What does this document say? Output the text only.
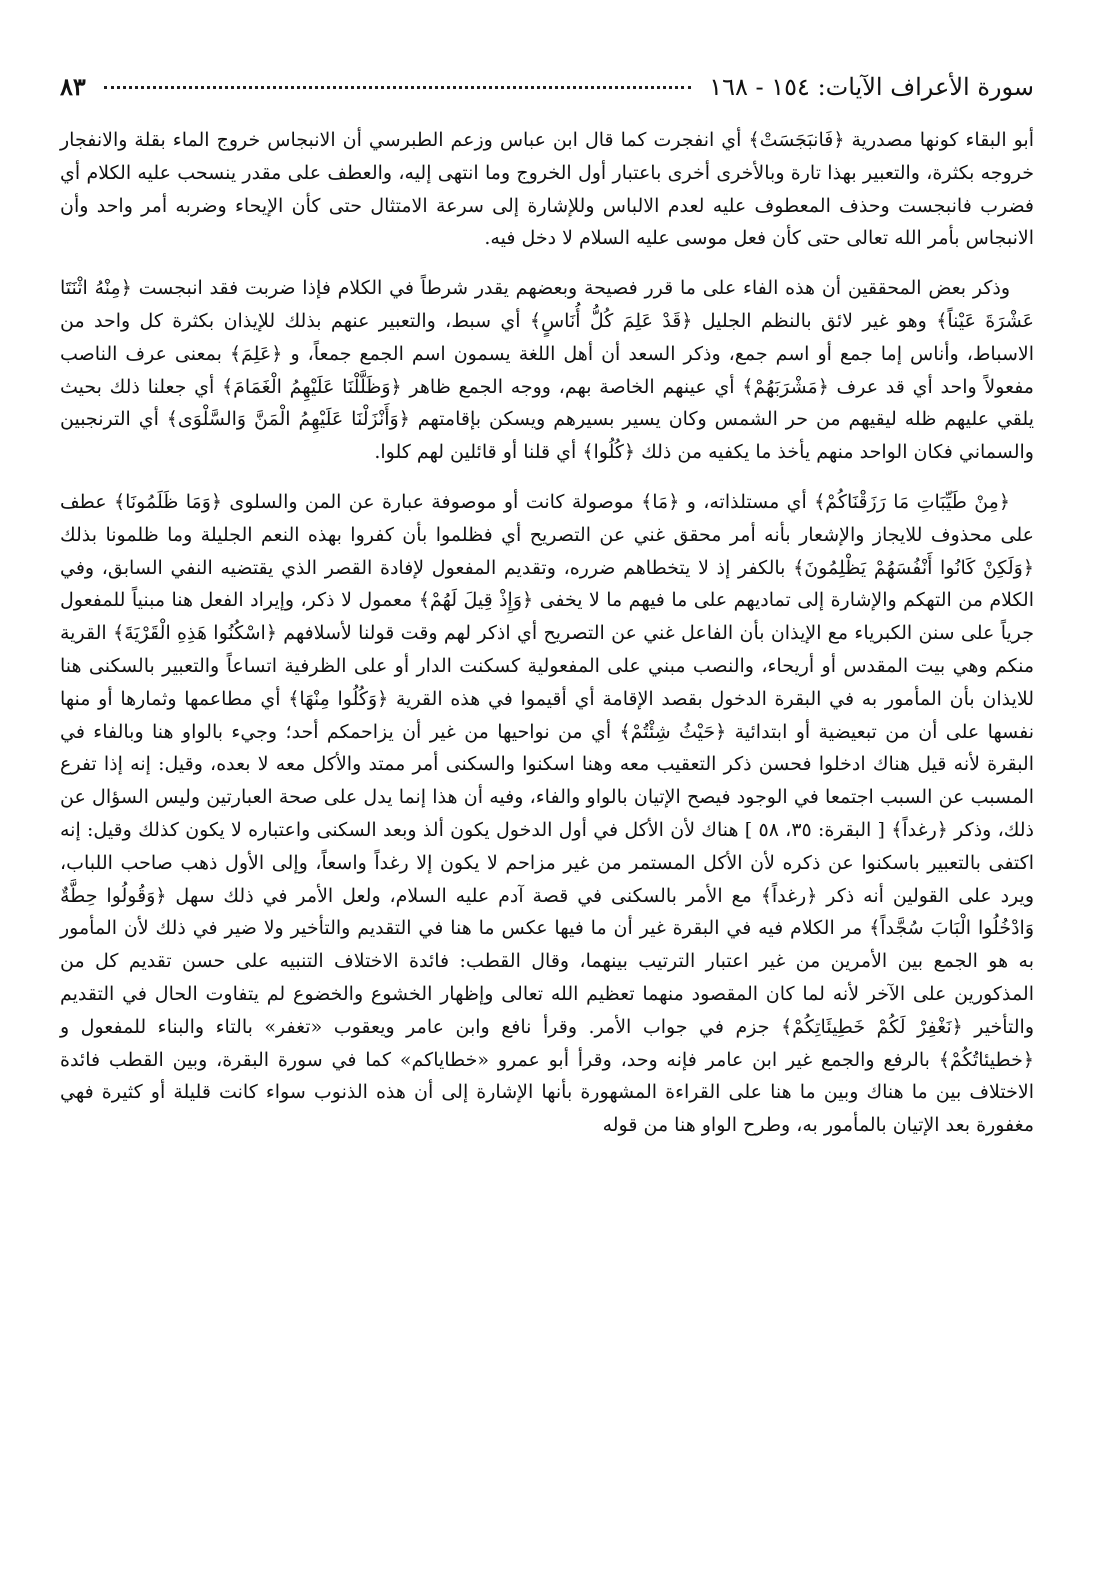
سورة الأعراف الآيات: ١٥٤ - ١٦٨
٨٣

أبو البقاء كونها مصدرية ﴿فَانبَجَسَتْ﴾ أي انفجرت كما قال ابن عباس وزعم الطبرسي أن الانبجاس خروج الماء بقلة والانفجار خروجه بكثرة، والتعبير بهذا تارة وبالأخرى أخرى باعتبار أول الخروج وما انتهى إليه، والعطف على مقدر ينسحب عليه الكلام أي فضرب فانبجست وحذف المعطوف عليه لعدم الالباس وللإشارة إلى سرعة الامتثال حتى كأن الإيحاء وضربه أمر واحد وأن الانبجاس بأمر الله تعالى حتى كأن فعل موسى عليه السلام لا دخل فيه.

وذكر بعض المحققين أن هذه الفاء على ما قرر فصيحة وبعضهم يقدر شرطاً في الكلام فإذا ضربت فقد انبجست ﴿مِنْهُ اثْنَتَا عَشْرَةَ عَيْناً﴾ وهو غير لائق بالنظم الجليل ﴿قَدْ عَلِمَ كُلُّ أُنَاسٍ﴾ أي سبط، والتعبير عنهم بذلك للإيذان بكثرة كل واحد من الاسباط، وأناس إما جمع أو اسم جمع، وذكر السعد أن أهل اللغة يسمون اسم الجمع جمعاً، و ﴿عَلِمَ﴾ بمعنى عرف الناصب مفعولاً واحد أي قد عرف ﴿مَشْرَبَهُمْ﴾ أي عينهم الخاصة بهم، ووجه الجمع ظاهر ﴿وَظَلَّلْنَا عَلَيْهِمُ الْغَمَامَ﴾ أي جعلنا ذلك بحيث يلقي عليهم ظله ليقيهم من حر الشمس وكان يسير بسيرهم ويسكن بإقامتهم ﴿وَأَنْزَلْنَا عَلَيْهِمُ الْمَنَّ وَالسَّلْوَى﴾ أي الترنجبين والسماني فكان الواحد منهم يأخذ ما يكفيه من ذلك ﴿كُلُوا﴾ أي قلنا أو قائلين لهم كلوا.

﴿مِنْ طَيِّبَاتِ مَا رَزَقْنَاكُمْ﴾ أي مستلذاته، و ﴿مَا﴾ موصولة كانت أو موصوفة عبارة عن المن والسلوى ﴿وَمَا ظَلَمُونَا﴾ عطف على محذوف للايجاز والإشعار بأنه أمر محقق غني عن التصريح أي فظلموا بأن كفروا بهذه النعم الجليلة وما ظلمونا بذلك ﴿وَلَكِنْ كَانُوا أَنْفُسَهُمْ يَظْلِمُونَ﴾ بالكفر إذ لا يتخطاهم ضرره، وتقديم المفعول لإفادة القصر الذي يقتضيه النفي السابق، وفي الكلام من التهكم والإشارة إلى تماديهم على ما فيهم ما لا يخفى ﴿وَإِذْ قِيلَ لَهُمْ﴾ معمول لا ذكر، وإيراد الفعل هنا مبنياً للمفعول جرياً على سنن الكبرياء مع الإيذان بأن الفاعل غني عن التصريح أي اذكر لهم وقت قولنا لأسلافهم ﴿اسْكُنُوا هَذِهِ الْقَرْيَةَ﴾ القرية منكم وهي بيت المقدس أو أريحاء، والنصب مبني على المفعولية كسكنت الدار أو على الظرفية اتساعاً والتعبير بالسكنى هنا للايذان بأن المأمور به في البقرة الدخول بقصد الإقامة أي أقيموا في هذه القرية ﴿وَكُلُوا مِنْهَا﴾ أي مطاعمها وثمارها أو منها نفسها على أن من تبعيضية أو ابتدائية ﴿حَيْثُ شِئْتُمْ﴾ أي من نواحيها من غير أن يزاحمكم أحد؛ وجيء بالواو هنا وبالفاء في البقرة لأنه قيل هناك ادخلوا فحسن ذكر التعقيب معه وهنا اسكنوا والسكنى أمر ممتد والأكل معه لا بعده، وقيل: إنه إذا تفرع المسبب عن السبب اجتمعا في الوجود فيصح الإتيان بالواو والفاء، وفيه أن هذا إنما يدل على صحة العبارتين وليس السؤال عن ذلك، وذكر ﴿رغداً﴾ [ البقرة: ٣٥، ٥٨ ] هناك لأن الأكل في أول الدخول يكون ألذ وبعد السكنى واعتباره لا يكون كذلك وقيل: إنه اكتفى بالتعبير باسكنوا عن ذكره لأن الأكل المستمر من غير مزاحم لا يكون إلا رغداً واسعاً، وإلى الأول ذهب صاحب اللباب، ويرد على القولين أنه ذكر ﴿رغداً﴾ مع الأمر بالسكنى في قصة آدم عليه السلام، ولعل الأمر في ذلك سهل ﴿وَقُولُوا حِطَّةٌ وَادْخُلُوا الْبَابَ سُجَّداً﴾ مر الكلام فيه في البقرة غير أن ما فيها عكس ما هنا في التقديم والتأخير ولا ضير في ذلك لأن المأمور به هو الجمع بين الأمرين من غير اعتبار الترتيب بينهما، وقال القطب: فائدة الاختلاف التنبيه على حسن تقديم كل من المذكورين على الآخر لأنه لما كان المقصود منهما تعظيم الله تعالى وإظهار الخشوع والخضوع لم يتفاوت الحال في التقديم والتأخير ﴿نَغْفِرْ لَكُمْ خَطِيئَاتِكُمْ﴾ جزم في جواب الأمر. وقرأ نافع وابن عامر ويعقوب «تغفر» بالتاء والبناء للمفعول و ﴿خطيئاتُكُمْ﴾ بالرفع والجمع غير ابن عامر فإنه وحد، وقرأ أبو عمرو «خطاياكم» كما في سورة البقرة، وبين القطب فائدة الاختلاف بين ما هناك وبين ما هنا على القراءة المشهورة بأنها الإشارة إلى أن هذه الذنوب سواء كانت قليلة أو كثيرة فهي مغفورة بعد الإتيان بالمأمور به، وطرح الواو هنا من قوله
